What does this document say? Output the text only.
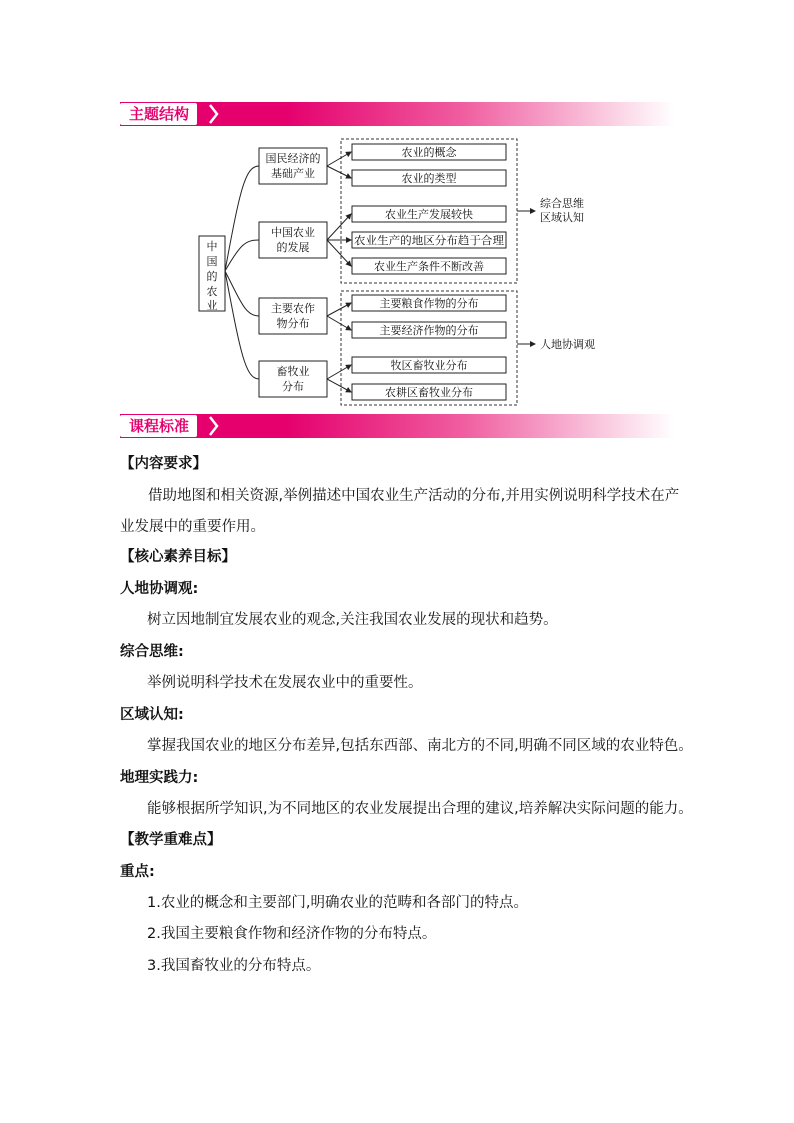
主题结构
中
国
的
农
业
国民经济的
基础产业
中国农业
的发展
主要农作
物分布
畜牧业
分布
农业的概念
农业的类型
农业生产发展较快
农业生产的地区分布趋于合理
农业生产条件不断改善
主要粮食作物的分布
主要经济作物的分布
牧区畜牧业分布
农耕区畜牧业分布
综合思维
区域认知
人地协调观
课程标准
【内容要求】
借助地图和相关资源,举例描述中国农业生产活动的分布,并用实例说明科学技术在产业发展中的重要作用。
【核心素养目标】
人地协调观:
树立因地制宜发展农业的观念,关注我国农业发展的现状和趋势。
综合思维:
举例说明科学技术在发展农业中的重要性。
区域认知:
掌握我国农业的地区分布差异,包括东西部、南北方的不同,明确不同区域的农业特色。
地理实践力:
能够根据所学知识,为不同地区的农业发展提出合理的建议,培养解决实际问题的能力。
【教学重难点】
重点:
1.农业的概念和主要部门,明确农业的范畴和各部门的特点。
2.我国主要粮食作物和经济作物的分布特点。
3.我国畜牧业的分布特点。
